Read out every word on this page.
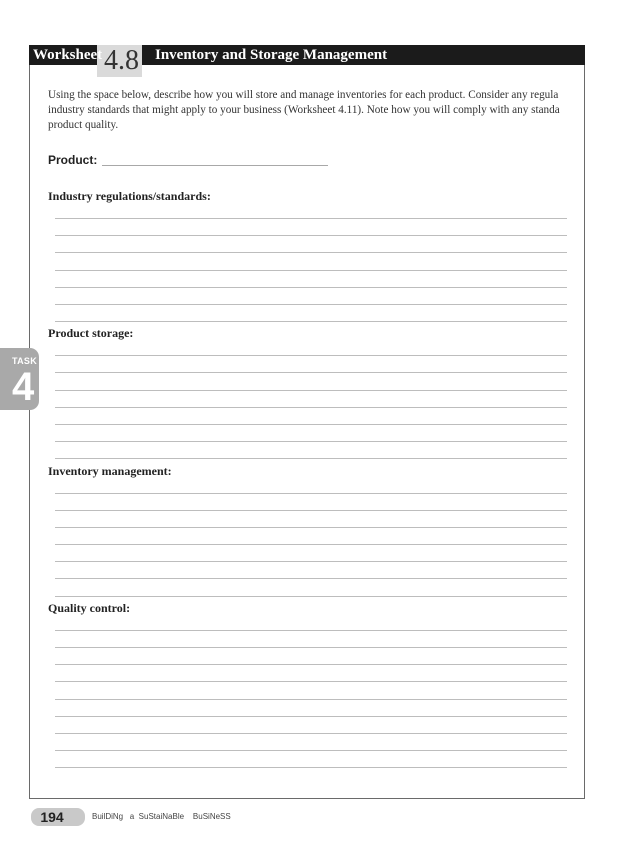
Worksheet 4.8 Inventory and Storage Management

Using the space below, describe how you will store and manage inventories for each product. Consider any regula

industry standards that might apply to your business (Worksheet 4.11). Note how you will comply with any standa

product quality.

Product:
Industry regulations/standards:
Product storage:
Inventory management:
Quality control:
TASK
4
194	BuilDiNg   a  SuStaiNaBle    BuSiNeSS
